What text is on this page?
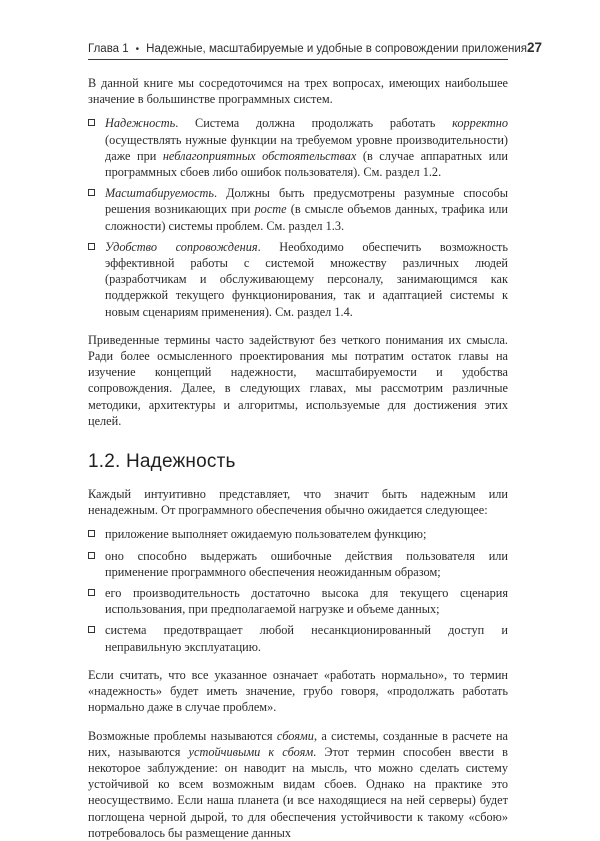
Глава 1 • Надежные, масштабируемые и удобные в сопровождении приложения 27

В данной книге мы сосредоточимся на трех вопросах, имеющих наибольшее значение в большинстве программных систем.

Надежность. Система должна продолжать работать корректно (осуществлять нужные функции на требуемом уровне производительности) даже при неблагоприятных обстоятельствах (в случае аппаратных или программных сбоев либо ошибок пользователя). См. раздел 1.2.
Масштабируемость. Должны быть предусмотрены разумные способы решения возникающих при росте (в смысле объемов данных, трафика или сложности) системы проблем. См. раздел 1.3.
Удобство сопровождения. Необходимо обеспечить возможность эффективной работы с системой множеству различных людей (разработчикам и обслуживающему персоналу, занимающимся как поддержкой текущего функционирования, так и адаптацией системы к новым сценариям применения). См. раздел 1.4.

Приведенные термины часто задействуют без четкого понимания их смысла. Ради более осмысленного проектирования мы потратим остаток главы на изучение концепций надежности, масштабируемости и удобства сопровождения. Далее, в следующих главах, мы рассмотрим различные методики, архитектуры и алгоритмы, используемые для достижения этих целей.

1.2. Надежность

Каждый интуитивно представляет, что значит быть надежным или ненадежным. От программного обеспечения обычно ожидается следующее:

приложение выполняет ожидаемую пользователем функцию;
оно способно выдержать ошибочные действия пользователя или применение программного обеспечения неожиданным образом;
его производительность достаточно высока для текущего сценария использования, при предполагаемой нагрузке и объеме данных;
система предотвращает любой несанкционированный доступ и неправильную эксплуатацию.

Если считать, что все указанное означает «работать нормально», то термин «надежность» будет иметь значение, грубо говоря, «продолжать работать нормально даже в случае проблем».

Возможные проблемы называются сбоями, а системы, созданные в расчете на них, называются устойчивыми к сбоям. Этот термин способен ввести в некоторое заблуждение: он наводит на мысль, что можно сделать систему устойчивой ко всем возможным видам сбоев. Однако на практике это неосуществимо. Если наша планета (и все находящиеся на ней серверы) будет поглощена черной дырой, то для обеспечения устойчивости к такому «сбою» потребовалось бы размещение данных
